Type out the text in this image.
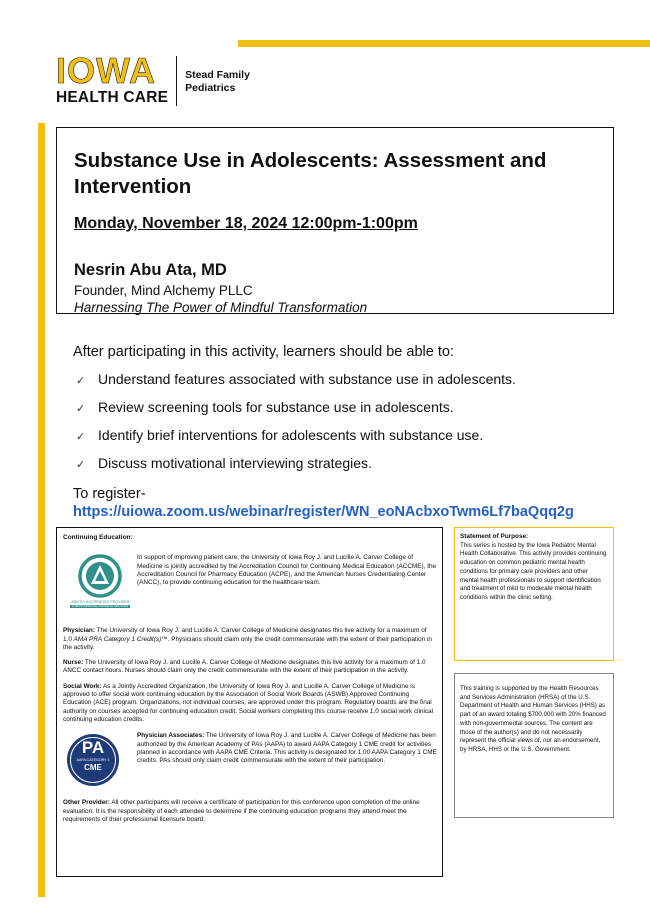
IOWA
HEALTH CARE
Stead Family
Pediatrics
Substance Use in Adolescents: Assessment and Intervention
Monday, November 18, 2024 12:00pm-1:00pm
Nesrin Abu Ata, MD
Founder, Mind Alchemy PLLC
Harnessing The Power of Mindful Transformation
After participating in this activity, learners should be able to:
✓ Understand features associated with substance use in adolescents.
✓ Review screening tools for substance use in adolescents.
✓ Identify brief interventions for adolescents with substance use.
✓ Discuss motivational interviewing strategies.
To register-https://uiowa.zoom.us/webinar/register/WN_eoNAcbxoTwm6Lf7baQqq2g
Continuing Education:
JOINTLY ACCREDITED PROVIDER
INTERPROFESSIONAL CONTINUING EDUCATION
In support of improving patient care, the University of Iowa Roy J. and Lucille A. Carver College of Medicine is jointly accredited by the Accreditation Council for Continuing Medical Education (ACCME), the Accreditation Council for Pharmacy Education (ACPE), and the American Nurses Credentialing Center (ANCC), to provide continuing education for the healthcare team.
Physician: The University of Iowa Roy J. and Lucille A. Carver College of Medicine designates this live activity for a maximum of 1.0 AMA PRA Category 1 Credit(s)™. Physicians should claim only the credit commensurate with the extent of their participation in the activity.
Nurse: The University of Iowa Roy J. and Lucille A. Carver College of Medicine designates this live activity for a maximum of 1.0 ANCC contact hours. Nurses should claim only the credit commensurate with the extent of their participation in the activity.
Social Work: As a Jointly Accredited Organization, the University of Iowa Roy J. and Lucille A. Carver College of Medicine is approved to offer social work continuing education by the Association of Social Work Boards (ASWB) Approved Continuing Education (ACE) program. Organizations, not individual courses, are approved under this program. Regulatory boards are the final authority on courses accepted for continuing education credit. Social workers completing this course receive 1.0 social work clinical continuing education credits.
PA
AAPA CATEGORY 1
CME
Physician Associates: The University of Iowa Roy J. and Lucille A. Carver College of Medicine has been authorized by the American Academy of PAs (AAPA) to award AAPA Category 1 CME credit for activities planned in accordance with AAPA CME Criteria. This activity is designated for 1.00 AAPA Category 1 CME credits. PAs should only claim credit commensurate with the extent of their participation.
Other Provider: All other participants will receive a certificate of participation for this conference upon completion of the online evaluation. It is the responsibility of each attendee to determine if the continuing education programs they attend meet the requirements of their professional licensure board.
Statement of Purpose:
This series is hosted by the Iowa Pediatric Mental Health Collaborative. This activity provides continuing education on common pediatric mental health conditions for primary care providers and other mental health professionals to support identification and treatment of mild to moderate mental health conditions within the clinic setting.
This training is supported by the Health Resources and Services Administration (HRSA) of the U.S. Department of Health and Human Services (HHS) as part of an award totaling $700,000 with 20% financed with non-governmental sources. The content are those of the author(s) and do not necessarily represent the official views of, nor an endorsement, by HRSA, HHS or the U.S. Government.
